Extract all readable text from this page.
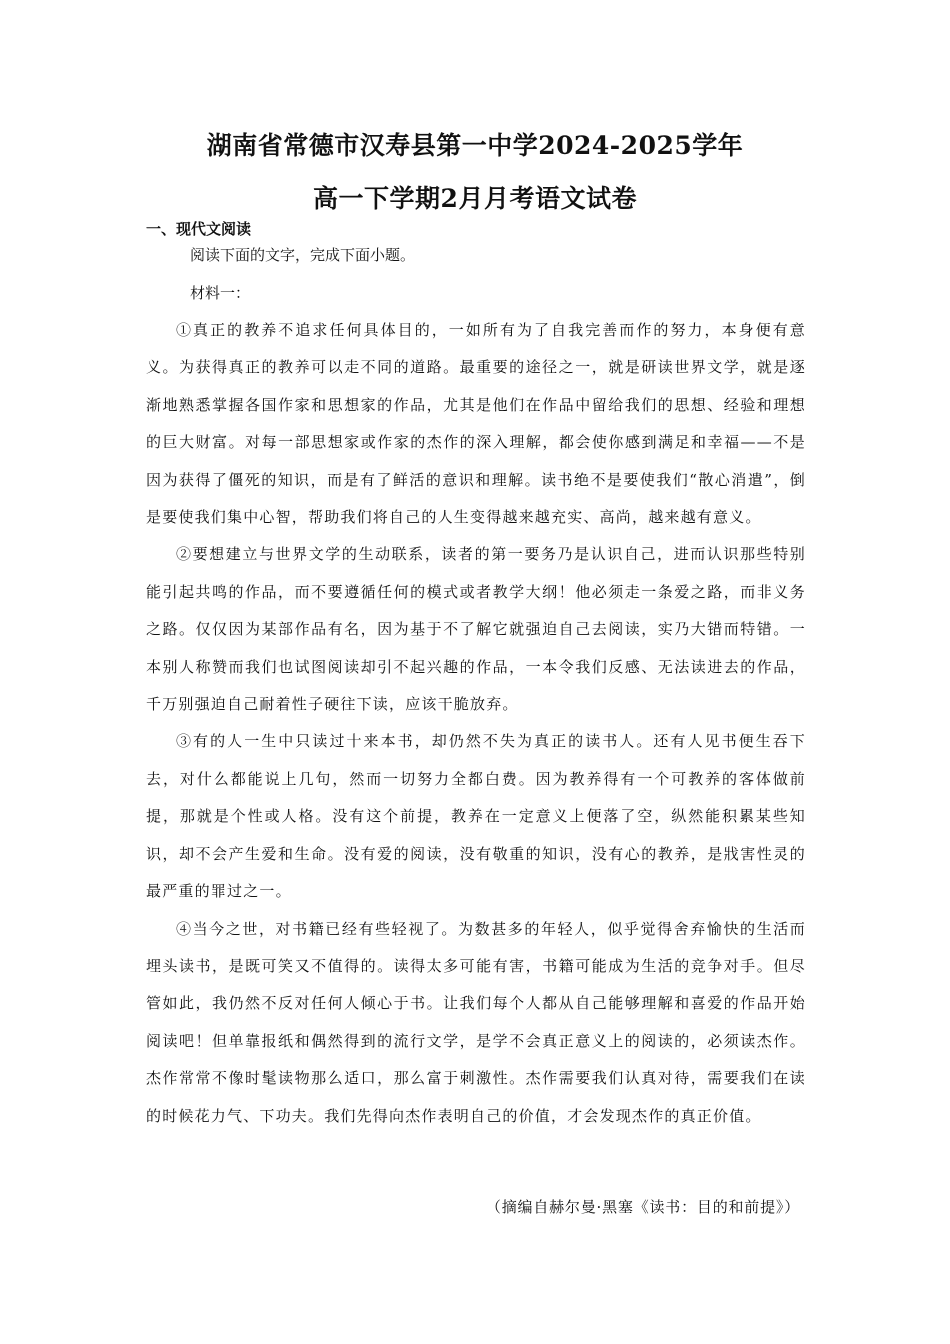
湖南省常德市汉寿县第一中学2024-2025学年
高一下学期2月月考语文试卷
一、现代文阅读
阅读下面的文字，完成下面小题。
材料一：

①真正的教养不追求任何具体目的，一如所有为了自我完善而作的努力，本身便有意义。为获得真正的教养可以走不同的道路。最重要的途径之一，就是研读世界文学，就是逐渐地熟悉掌握各国作家和思想家的作品，尤其是他们在作品中留给我们的思想、经验和理想的巨大财富。对每一部思想家或作家的杰作的深入理解，都会使你感到满足和幸福——不是因为获得了僵死的知识，而是有了鲜活的意识和理解。读书绝不是要使我们“散心消遣”，倒是要使我们集中心智，帮助我们将自己的人生变得越来越充实、高尚，越来越有意义。

②要想建立与世界文学的生动联系，读者的第一要务乃是认识自己，进而认识那些特别能引起共鸣的作品，而不要遵循任何的模式或者教学大纲！他必须走一条爱之路，而非义务之路。仅仅因为某部作品有名，因为基于不了解它就强迫自己去阅读，实乃大错而特错。一本别人称赞而我们也试图阅读却引不起兴趣的作品，一本令我们反感、无法读进去的作品，千万别强迫自己耐着性子硬往下读，应该干脆放弃。

③有的人一生中只读过十来本书，却仍然不失为真正的读书人。还有人见书便生吞下去，对什么都能说上几句，然而一切努力全都白费。因为教养得有一个可教养的客体做前提，那就是个性或人格。没有这个前提，教养在一定意义上便落了空，纵然能积累某些知识，却不会产生爱和生命。没有爱的阅读，没有敬重的知识，没有心的教养，是戕害性灵的最严重的罪过之一。

④当今之世，对书籍已经有些轻视了。为数甚多的年轻人，似乎觉得舍弃愉快的生活而埋头读书，是既可笑又不值得的。读得太多可能有害，书籍可能成为生活的竞争对手。但尽管如此，我仍然不反对任何人倾心于书。让我们每个人都从自己能够理解和喜爱的作品开始阅读吧！但单靠报纸和偶然得到的流行文学，是学不会真正意义上的阅读的，必须读杰作。杰作常常不像时髦读物那么适口，那么富于刺激性。杰作需要我们认真对待，需要我们在读的时候花力气、下功夫。我们先得向杰作表明自己的价值，才会发现杰作的真正价值。

（摘编自赫尔曼·黑塞《读书：目的和前提》）
